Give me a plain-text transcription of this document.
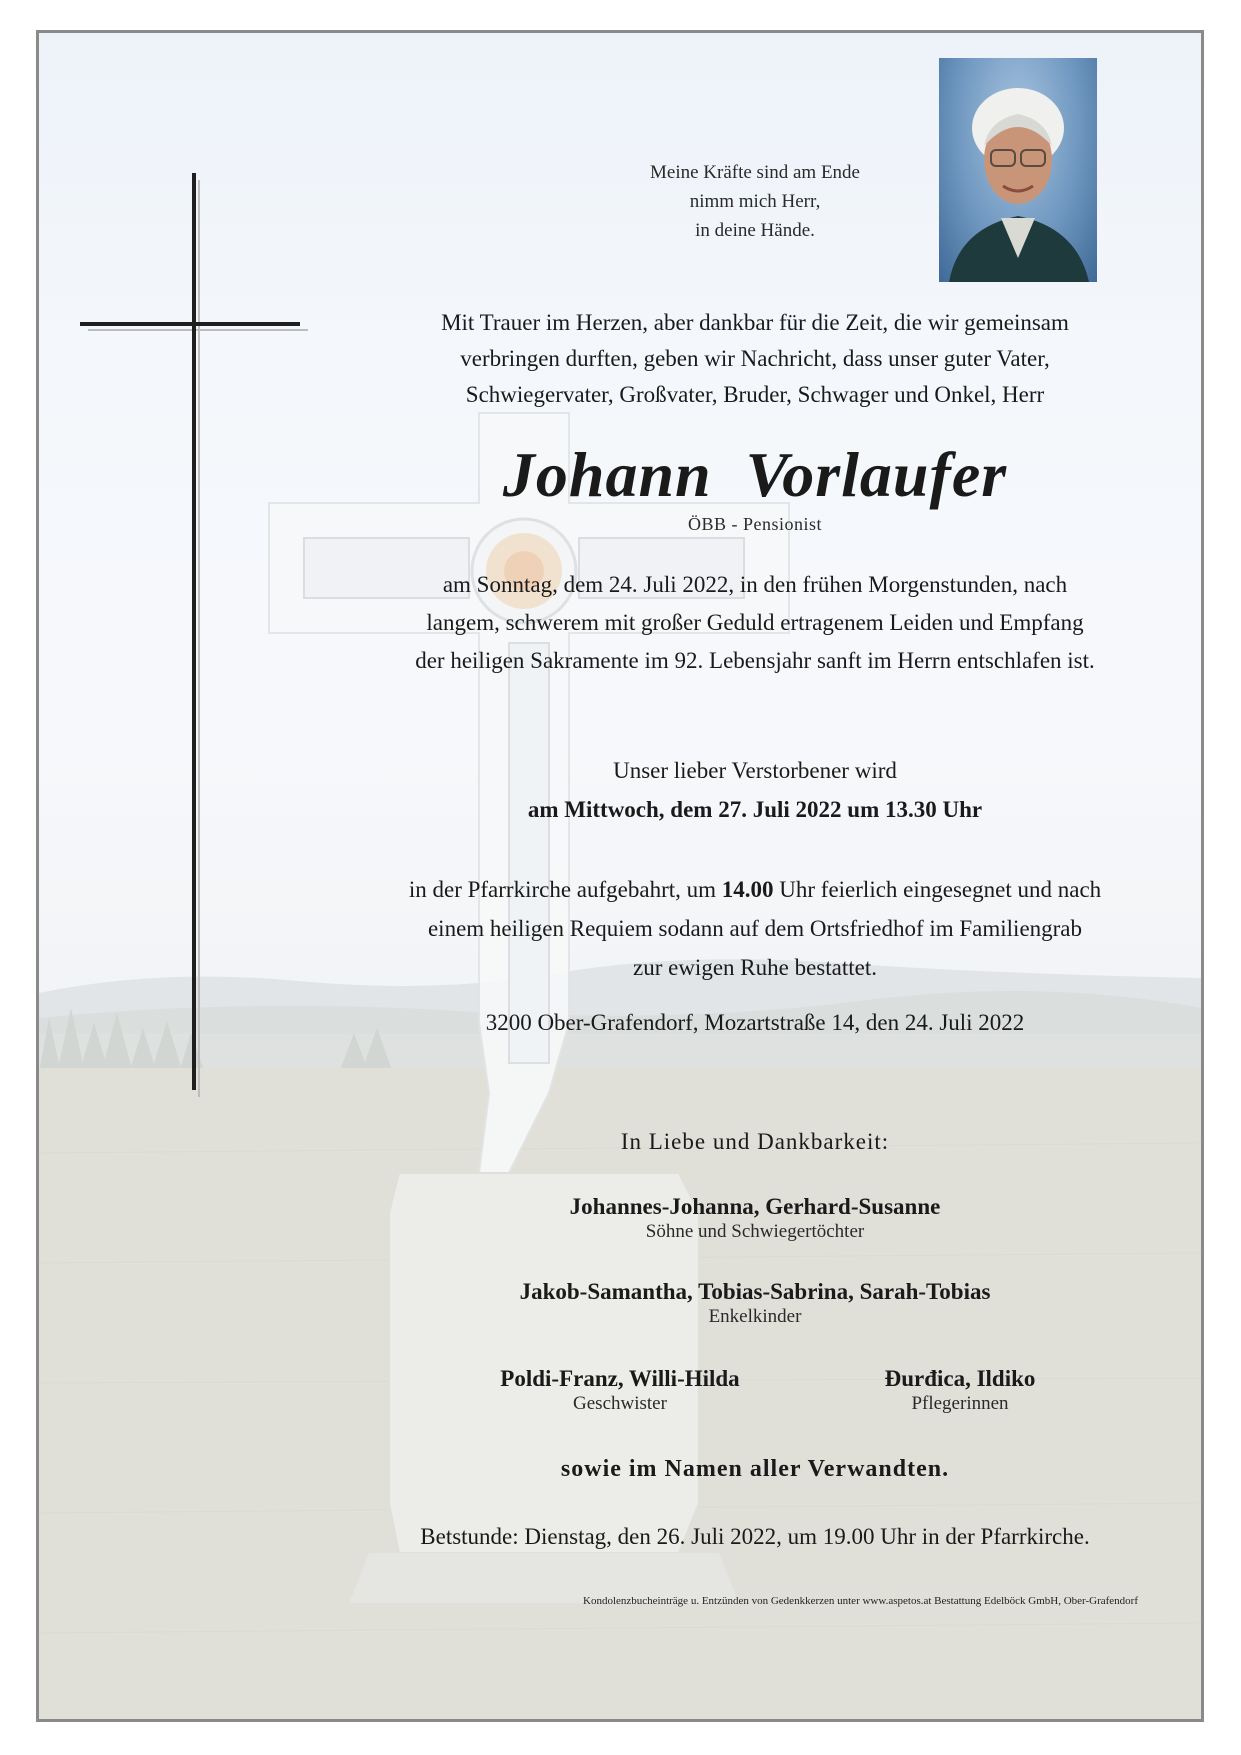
Meine Kräfte sind am Ende
nimm mich Herr,
in deine Hände.
Mit Trauer im Herzen, aber dankbar für die Zeit, die wir gemeinsam
verbringen durften, geben wir Nachricht, dass unser guter Vater,
Schwiegervater, Großvater, Bruder, Schwager und Onkel, Herr
Johann  Vorlaufer
ÖBB - Pensionist
am Sonntag, dem 24. Juli 2022, in den frühen Morgenstunden, nach
langem, schwerem mit großer Geduld ertragenem Leiden und Empfang
der heiligen Sakramente im 92. Lebensjahr sanft im Herrn entschlafen ist.
Unser lieber Verstorbener wird
am Mittwoch, dem 27. Juli 2022 um 13.30 Uhr
in der Pfarrkirche aufgebahrt, um 14.00 Uhr feierlich eingesegnet und nach
einem heiligen Requiem sodann auf dem Ortsfriedhof im Familiengrab
zur ewigen Ruhe bestattet.
3200 Ober-Grafendorf, Mozartstraße 14, den 24. Juli 2022
In Liebe und Dankbarkeit:
Johannes-Johanna, Gerhard-Susanne
Söhne und Schwiegertöchter
Jakob-Samantha, Tobias-Sabrina, Sarah-Tobias
Enkelkinder
Poldi-Franz, Willi-Hilda
Geschwister
Đurđica, Ildiko
Pflegerinnen
sowie im Namen aller Verwandten.
Betstunde: Dienstag, den 26. Juli 2022, um 19.00 Uhr in der Pfarrkirche.
Kondolenzbucheinträge u. Entzünden von Gedenkkerzen unter www.aspetos.at Bestattung Edelböck GmbH, Ober-Grafendorf
